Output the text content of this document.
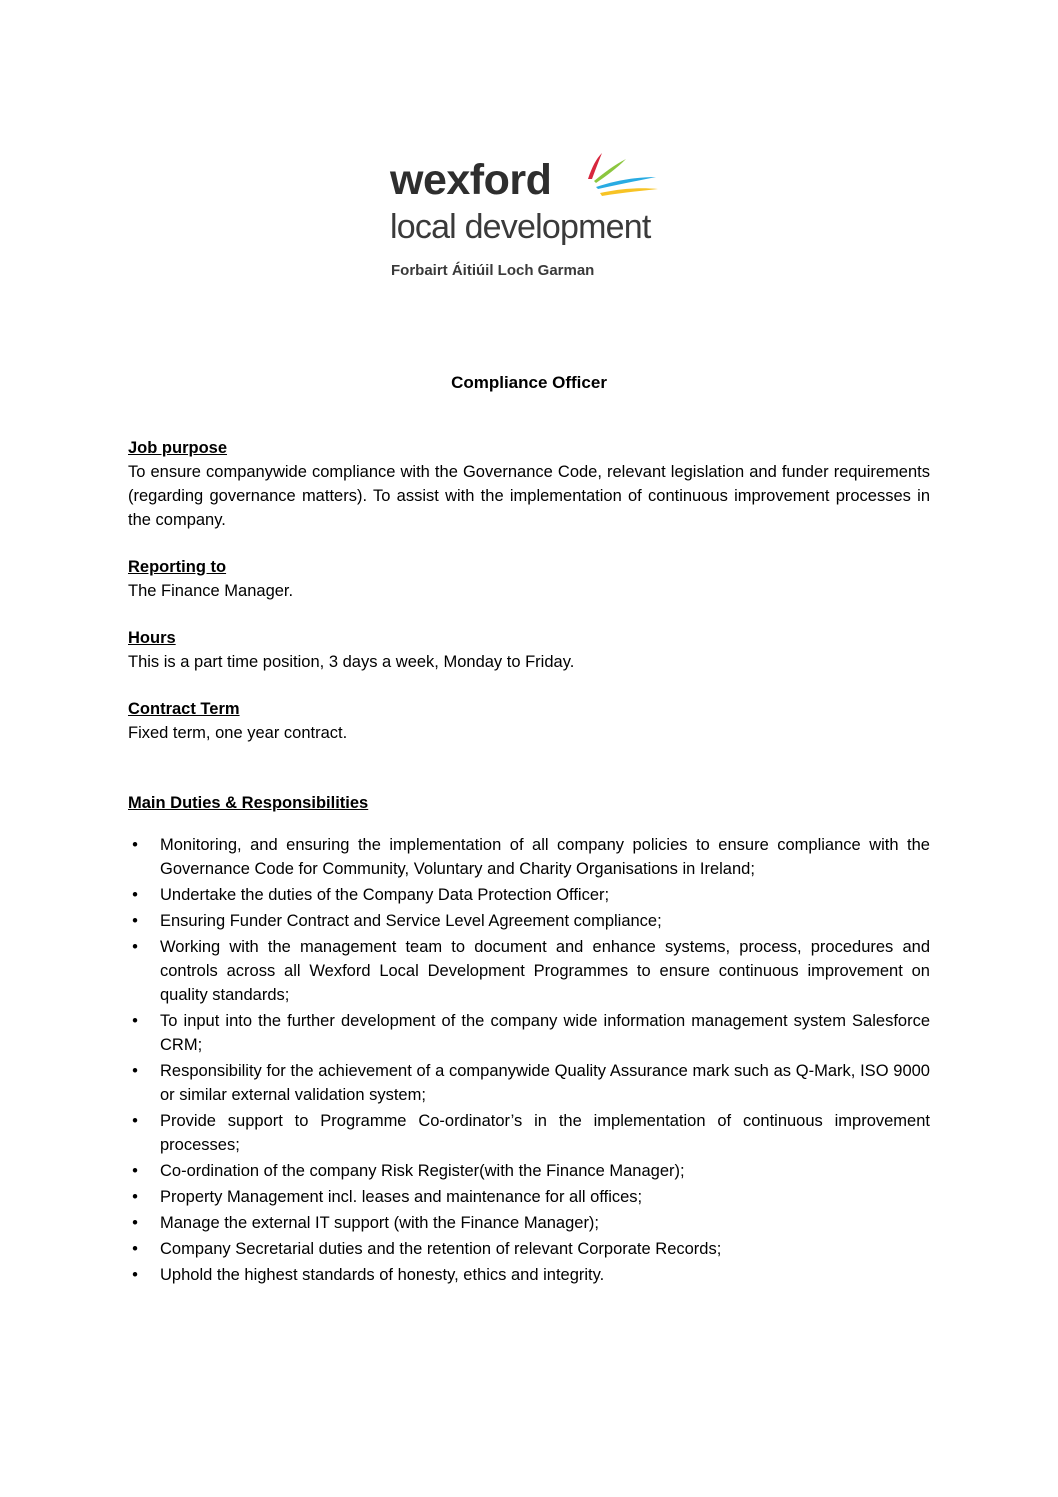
wexford
local development
Forbairt Áitiúil Loch Garman
Compliance Officer

Job purpose

To ensure companywide compliance with the Governance Code, relevant legislation and funder requirements (regarding governance matters). To assist with the implementation of continuous improvement processes in the company.

Reporting to

The Finance Manager.

Hours

This is a part time position, 3 days a week, Monday to Friday.

Contract Term

Fixed term, one year contract.

Main Duties & Responsibilities

• Monitoring, and ensuring the implementation of all company policies to ensure compliance with the Governance Code for Community, Voluntary and Charity Organisations in Ireland;
• Undertake the duties of the Company Data Protection Officer;
• Ensuring Funder Contract and Service Level Agreement compliance;
• Working with the management team to document and enhance systems, process, procedures and controls across all Wexford Local Development Programmes to ensure continuous improvement on quality standards;
• To input into the further development of the company wide information management system Salesforce CRM;
• Responsibility for the achievement of a companywide Quality Assurance mark such as Q-Mark, ISO 9000 or similar external validation system;
• Provide support to Programme Co-ordinator’s in the implementation of continuous improvement processes;
• Co-ordination of the company Risk Register(with the Finance Manager);
• Property Management incl. leases and maintenance for all offices;
• Manage the external IT support (with the Finance Manager);
• Company Secretarial duties and the retention of relevant Corporate Records;
• Uphold the highest standards of honesty, ethics and integrity.
